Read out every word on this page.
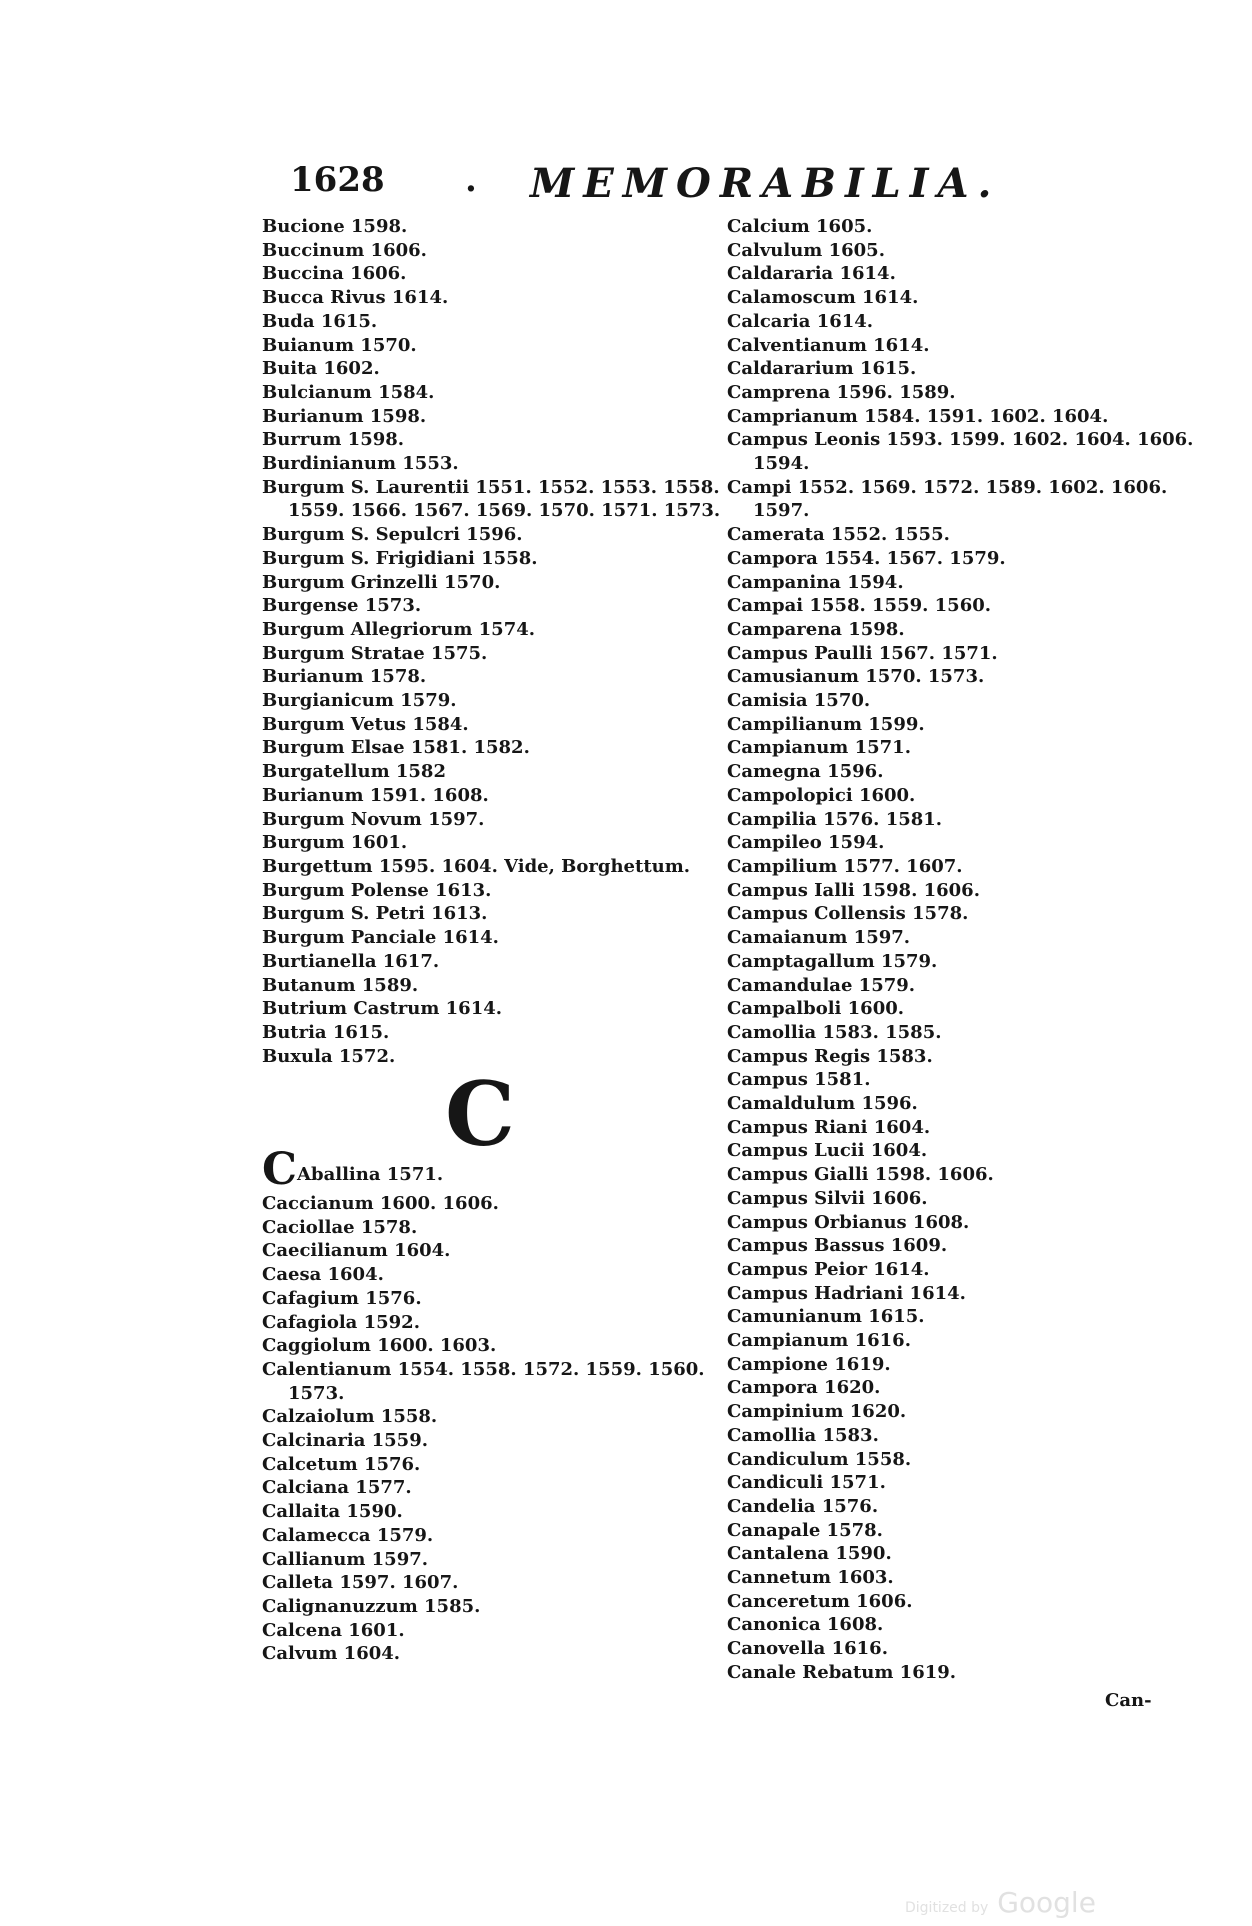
1628 . MEMORABILIA.
Bucione 1598.
Buccinum 1606.
Buccina 1606.
Bucca Rivus 1614.
Buda 1615.
Buianum 1570.
Buita 1602.
Bulcianum 1584.
Burianum 1598.
Burrum 1598.
Burdinianum 1553.
Burgum S. Laurentii 1551. 1552. 1553. 1558.
1559. 1566. 1567. 1569. 1570. 1571. 1573.
Burgum S. Sepulcri 1596.
Burgum S. Frigidiani 1558.
Burgum Grinzelli 1570.
Burgense 1573.
Burgum Allegriorum 1574.
Burgum Stratae 1575.
Burianum 1578.
Burgianicum 1579.
Burgum Vetus 1584.
Burgum Elsae 1581. 1582.
Burgatellum 1582
Burianum 1591. 1608.
Burgum Novum 1597.
Burgum 1601.
Burgettum 1595. 1604. Vide, Borghettum.
Burgum Polense 1613.
Burgum S. Petri 1613.
Burgum Panciale 1614.
Burtianella 1617.
Butanum 1589.
Butrium Castrum 1614.
Butria 1615.
Buxula 1572.
C
CAballina 1571.
Caccianum 1600. 1606.
Caciollae 1578.
Caecilianum 1604.
Caesa 1604.
Cafagium 1576.
Cafagiola 1592.
Caggiolum 1600. 1603.
Calentianum 1554. 1558. 1572. 1559. 1560.
1573.
Calzaiolum 1558.
Calcinaria 1559.
Calcetum 1576.
Calciana 1577.
Callaita 1590.
Calamecca 1579.
Callianum 1597.
Calleta 1597. 1607.
Calignanuzzum 1585.
Calcena 1601.
Calvum 1604.
Calcium 1605.
Calvulum 1605.
Caldararia 1614.
Calamoscum 1614.
Calcaria 1614.
Calventianum 1614.
Caldararium 1615.
Camprena 1596. 1589.
Camprianum 1584. 1591. 1602. 1604.
Campus Leonis 1593. 1599. 1602. 1604. 1606.
1594.
Campi 1552. 1569. 1572. 1589. 1602. 1606.
1597.
Camerata 1552. 1555.
Campora 1554. 1567. 1579.
Campanina 1594.
Campai 1558. 1559. 1560.
Camparena 1598.
Campus Paulli 1567. 1571.
Camusianum 1570. 1573.
Camisia 1570.
Campilianum 1599.
Campianum 1571.
Camegna 1596.
Campolopici 1600.
Campilia 1576. 1581.
Campileo 1594.
Campilium 1577. 1607.
Campus Ialli 1598. 1606.
Campus Collensis 1578.
Camaianum 1597.
Camptagallum 1579.
Camandulae 1579.
Campalboli 1600.
Camollia 1583. 1585.
Campus Regis 1583.
Campus 1581.
Camaldulum 1596.
Campus Riani 1604.
Campus Lucii 1604.
Campus Gialli 1598. 1606.
Campus Silvii 1606.
Campus Orbianus 1608.
Campus Bassus 1609.
Campus Peior 1614.
Campus Hadriani 1614.
Camunianum 1615.
Campianum 1616.
Campione 1619.
Campora 1620.
Campinium 1620.
Camollia 1583.
Candiculum 1558.
Candiculi 1571.
Candelia 1576.
Canapale 1578.
Cantalena 1590.
Cannetum 1603.
Canceretum 1606.
Canonica 1608.
Canovella 1616.
Canale Rebatum 1619.
Can-
Digitized by Google
